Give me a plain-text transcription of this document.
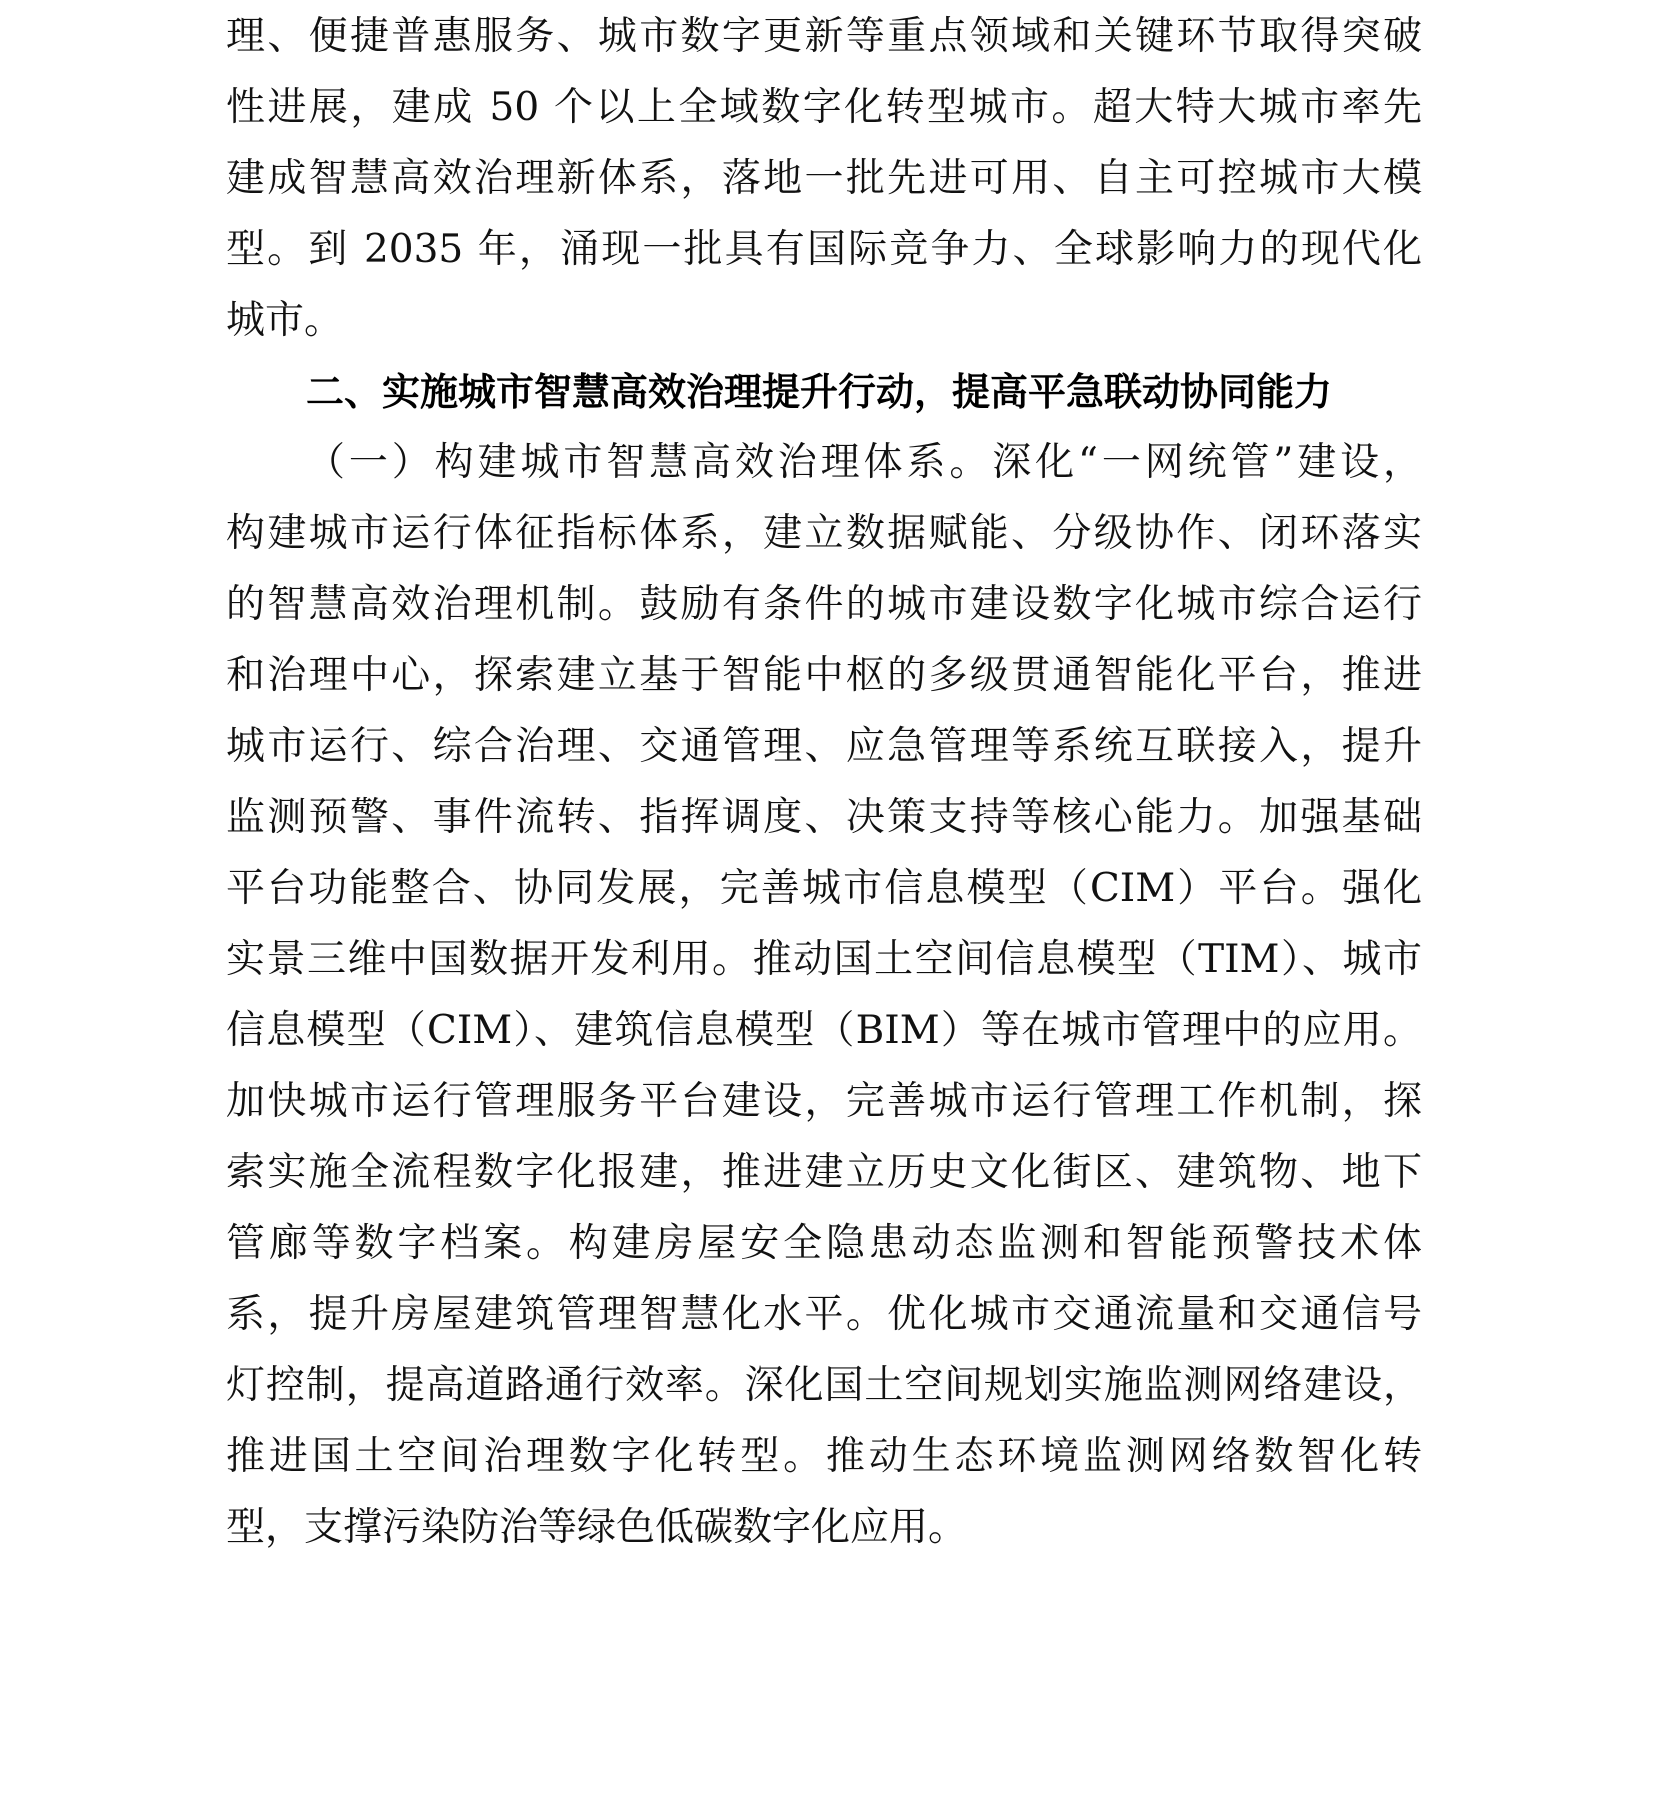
理、便捷普惠服务、城市数字更新等重点领域和关键环节取得突破
性进展，建成 50 个以上全域数字化转型城市。超大特大城市率先
建成智慧高效治理新体系，落地一批先进可用、自主可控城市大模
型。到 2035 年，涌现一批具有国际竞争力、全球影响力的现代化
城市。
二、实施城市智慧高效治理提升行动，提高平急联动协同能力
（一）构建城市智慧高效治理体系。深化“一网统管”建设，
构建城市运行体征指标体系，建立数据赋能、分级协作、闭环落实
的智慧高效治理机制。鼓励有条件的城市建设数字化城市综合运行
和治理中心，探索建立基于智能中枢的多级贯通智能化平台，推进
城市运行、综合治理、交通管理、应急管理等系统互联接入，提升
监测预警、事件流转、指挥调度、决策支持等核心能力。加强基础
平台功能整合、协同发展，完善城市信息模型（CIM）平台。强化
实景三维中国数据开发利用。推动国土空间信息模型（TIM）、城市
信息模型（CIM）、建筑信息模型（BIM）等在城市管理中的应用。
加快城市运行管理服务平台建设，完善城市运行管理工作机制，探
索实施全流程数字化报建，推进建立历史文化街区、建筑物、地下
管廊等数字档案。构建房屋安全隐患动态监测和智能预警技术体
系，提升房屋建筑管理智慧化水平。优化城市交通流量和交通信号
灯控制，提高道路通行效率。深化国土空间规划实施监测网络建设，
推进国土空间治理数字化转型。推动生态环境监测网络数智化转
型，支撑污染防治等绿色低碳数字化应用。
